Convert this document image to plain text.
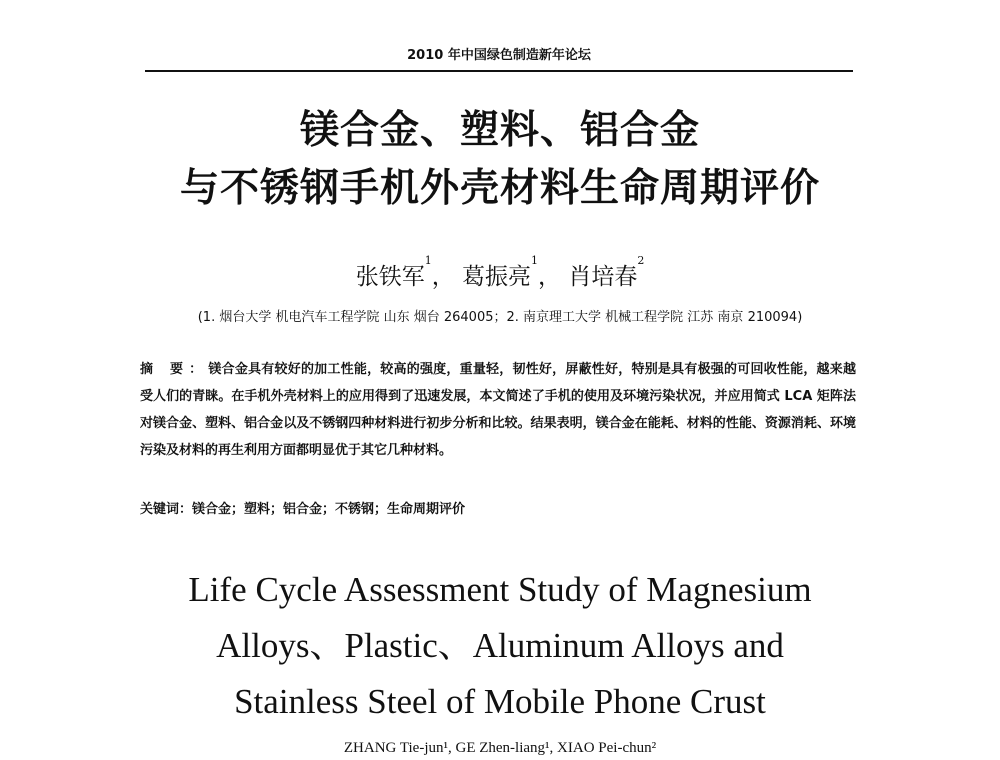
2010 年中国绿色制造新年论坛
镁合金、塑料、铝合金
与不锈钢手机外壳材料生命周期评价
张铁军$^1$， 葛振亮$^1$， 肖培春$^2$
(1. 烟台大学 机电汽车工程学院 山东 烟台 264005；2. 南京理工大学 机械工程学院 江苏 南京 210094)
摘 要：镁合金具有较好的加工性能，较高的强度，重量轻，韧性好，屏蔽性好，特别是具有极强的可回收性能，越来越受人们的青睐。在手机外壳材料上的应用得到了迅速发展，本文简述了手机的使用及环境污染状况，并应用简式 LCA 矩阵法对镁合金、塑料、铝合金以及不锈钢四种材料进行初步分析和比较。结果表明，镁合金在能耗、材料的性能、资源消耗、环境污染及材料的再生利用方面都明显优于其它几种材料。
关键词：镁合金；塑料；铝合金；不锈钢；生命周期评价
Life Cycle Assessment Study of Magnesium
Alloys、Plastic、Aluminum Alloys and
Stainless Steel of Mobile Phone Crust
ZHANG Tie-jun¹, GE Zhen-liang¹, XIAO Pei-chun²
